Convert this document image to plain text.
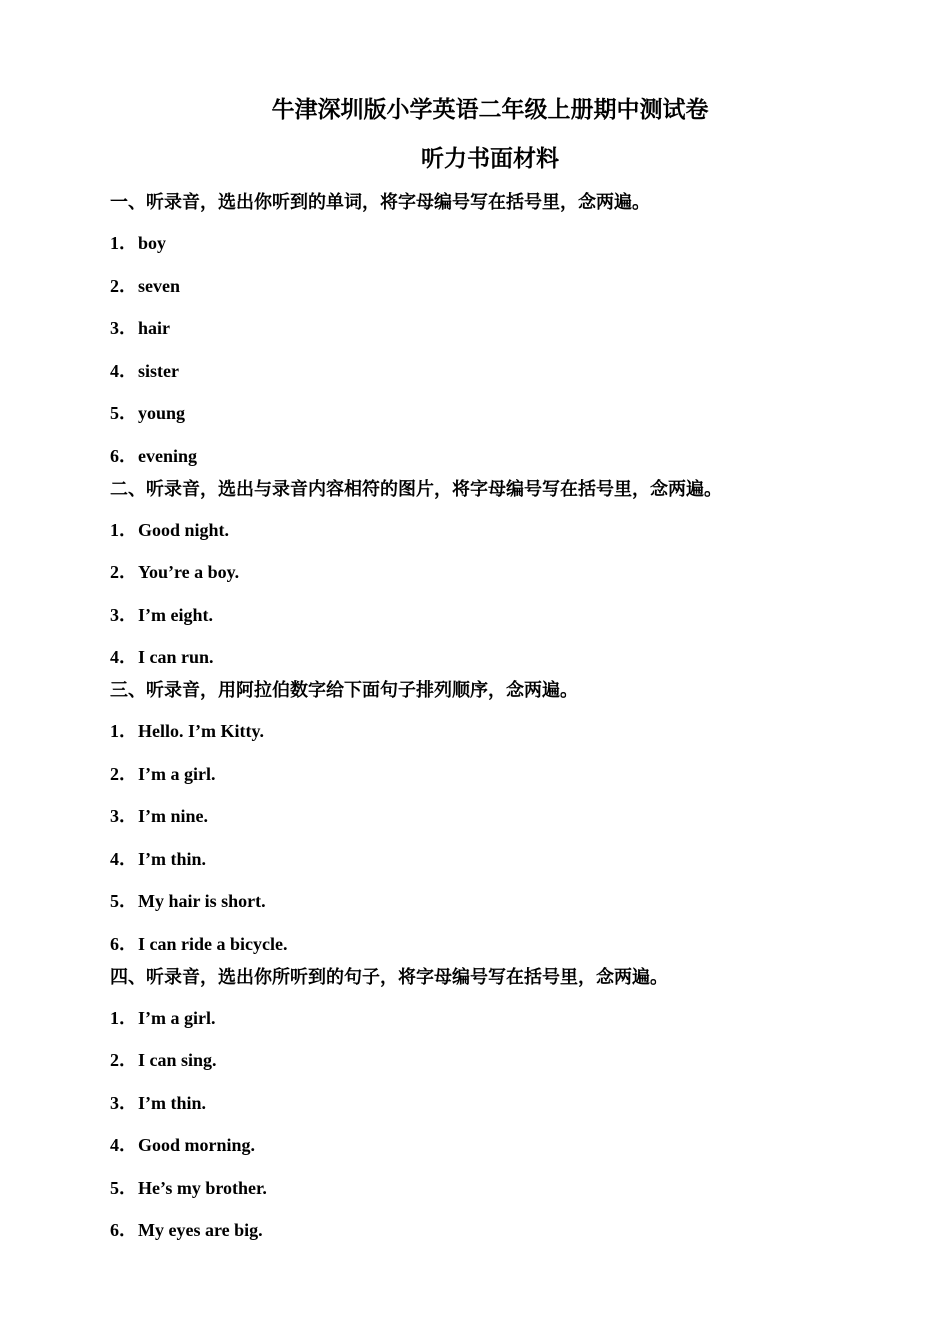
牛津深圳版小学英语二年级上册期中测试卷
听力书面材料
一、听录音，选出你听到的单词，将字母编号写在括号里，念两遍。
1．boy
2．seven
3．hair
4．sister
5．young
6．evening
二、听录音，选出与录音内容相符的图片，将字母编号写在括号里，念两遍。
1．Good night.
2．You’re a boy.
3．I’m eight.
4．I can run.
三、听录音，用阿拉伯数字给下面句子排列顺序，念两遍。
1．Hello. I’m Kitty.
2．I’m a girl.
3．I’m nine.
4．I’m thin.
5．My hair is short.
6．I can ride a bicycle.
四、听录音，选出你所听到的句子，将字母编号写在括号里，念两遍。
1．I’m a girl.
2．I can sing.
3．I’m thin.
4．Good morning.
5．He’s my brother.
6．My eyes are big.
